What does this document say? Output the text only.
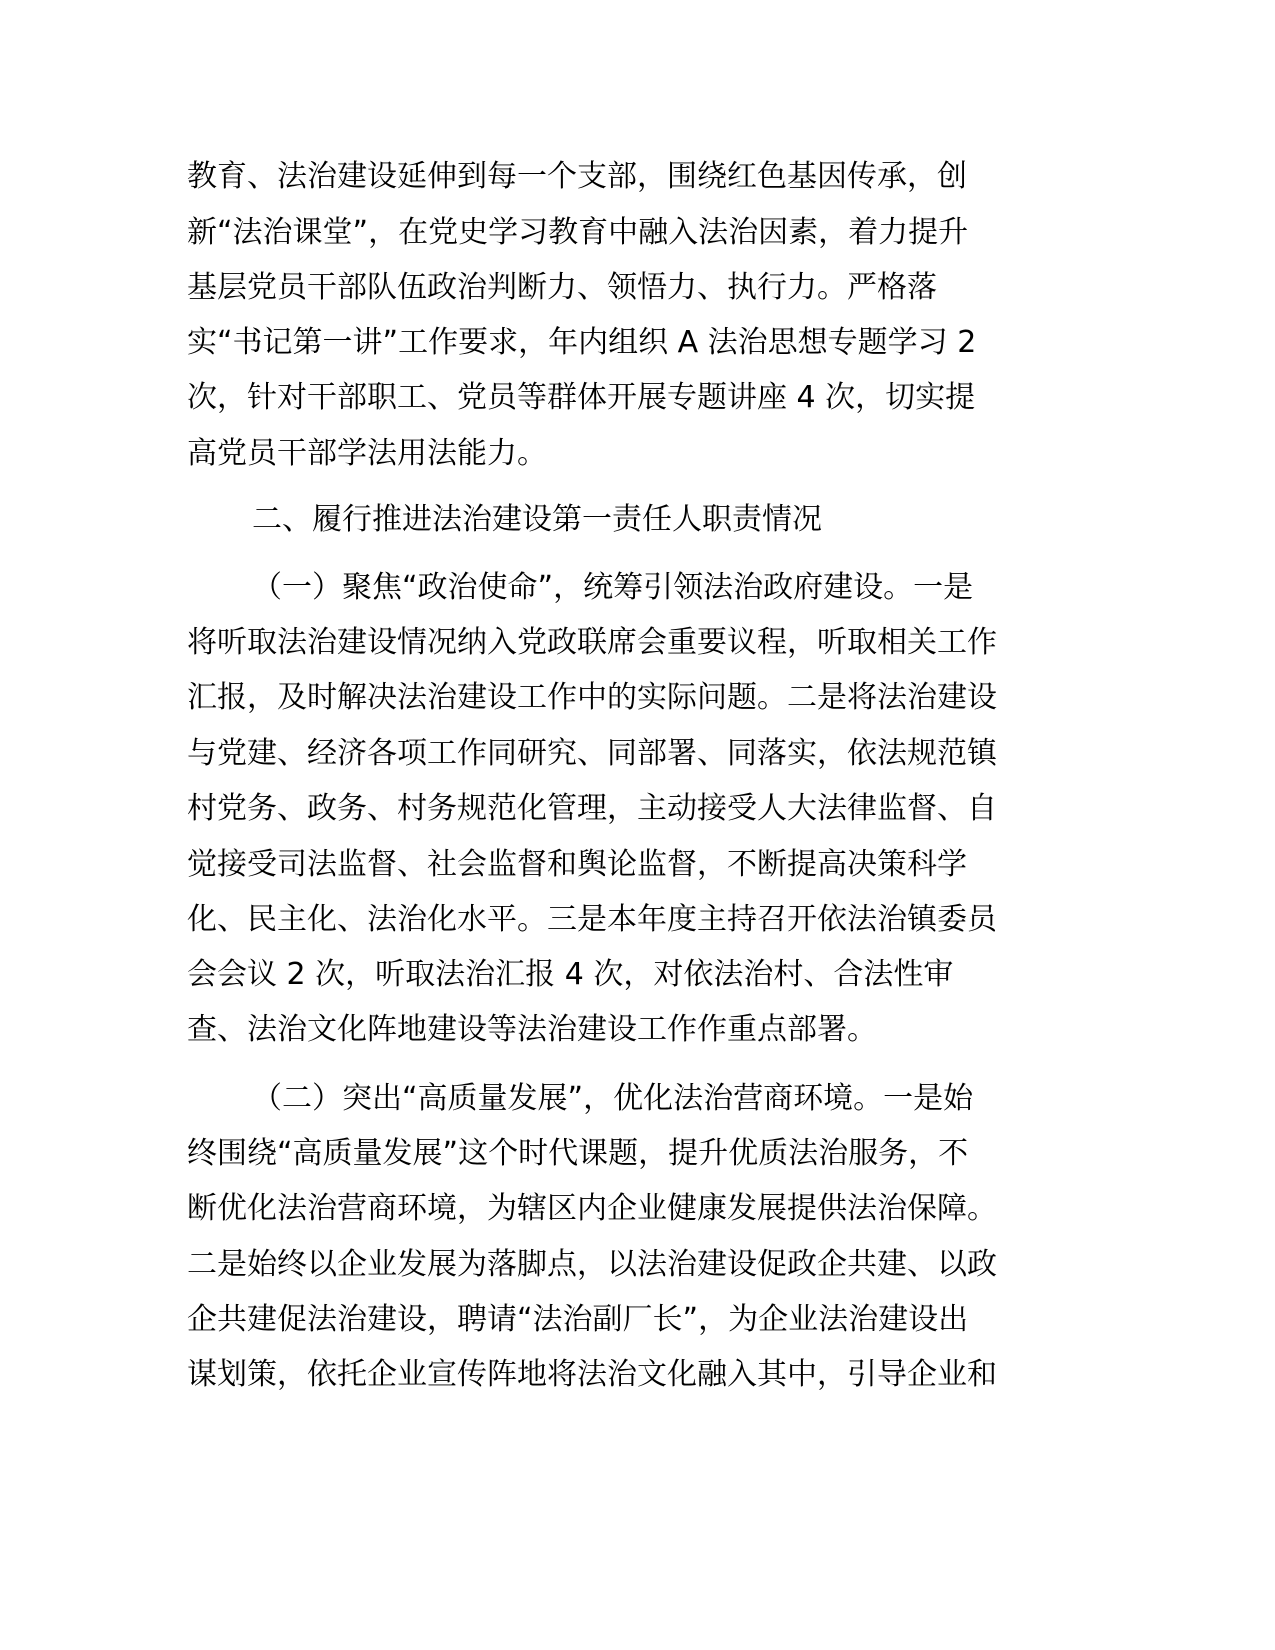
教育、法治建设延伸到每一个支部，围绕红色基因传承，创
新“法治课堂”，在党史学习教育中融入法治因素，着力提升
基层党员干部队伍政治判断力、领悟力、执行力。严格落
实“书记第一讲”工作要求，年内组织 A 法治思想专题学习 2
次，针对干部职工、党员等群体开展专题讲座 4 次，切实提
高党员干部学法用法能力。
二、履行推进法治建设第一责任人职责情况
（一）聚焦“政治使命”，统筹引领法治政府建设。一是
将听取法治建设情况纳入党政联席会重要议程，听取相关工作
汇报，及时解决法治建设工作中的实际问题。二是将法治建设
与党建、经济各项工作同研究、同部署、同落实，依法规范镇
村党务、政务、村务规范化管理，主动接受人大法律监督、自
觉接受司法监督、社会监督和舆论监督，不断提高决策科学
化、民主化、法治化水平。三是本年度主持召开依法治镇委员
会会议 2 次，听取法治汇报 4 次，对依法治村、合法性审
查、法治文化阵地建设等法治建设工作作重点部署。
（二）突出“高质量发展”，优化法治营商环境。一是始
终围绕“高质量发展”这个时代课题，提升优质法治服务，不
断优化法治营商环境，为辖区内企业健康发展提供法治保障。
二是始终以企业发展为落脚点，以法治建设促政企共建、以政
企共建促法治建设，聘请“法治副厂长”，为企业法治建设出
谋划策，依托企业宣传阵地将法治文化融入其中，引导企业和
